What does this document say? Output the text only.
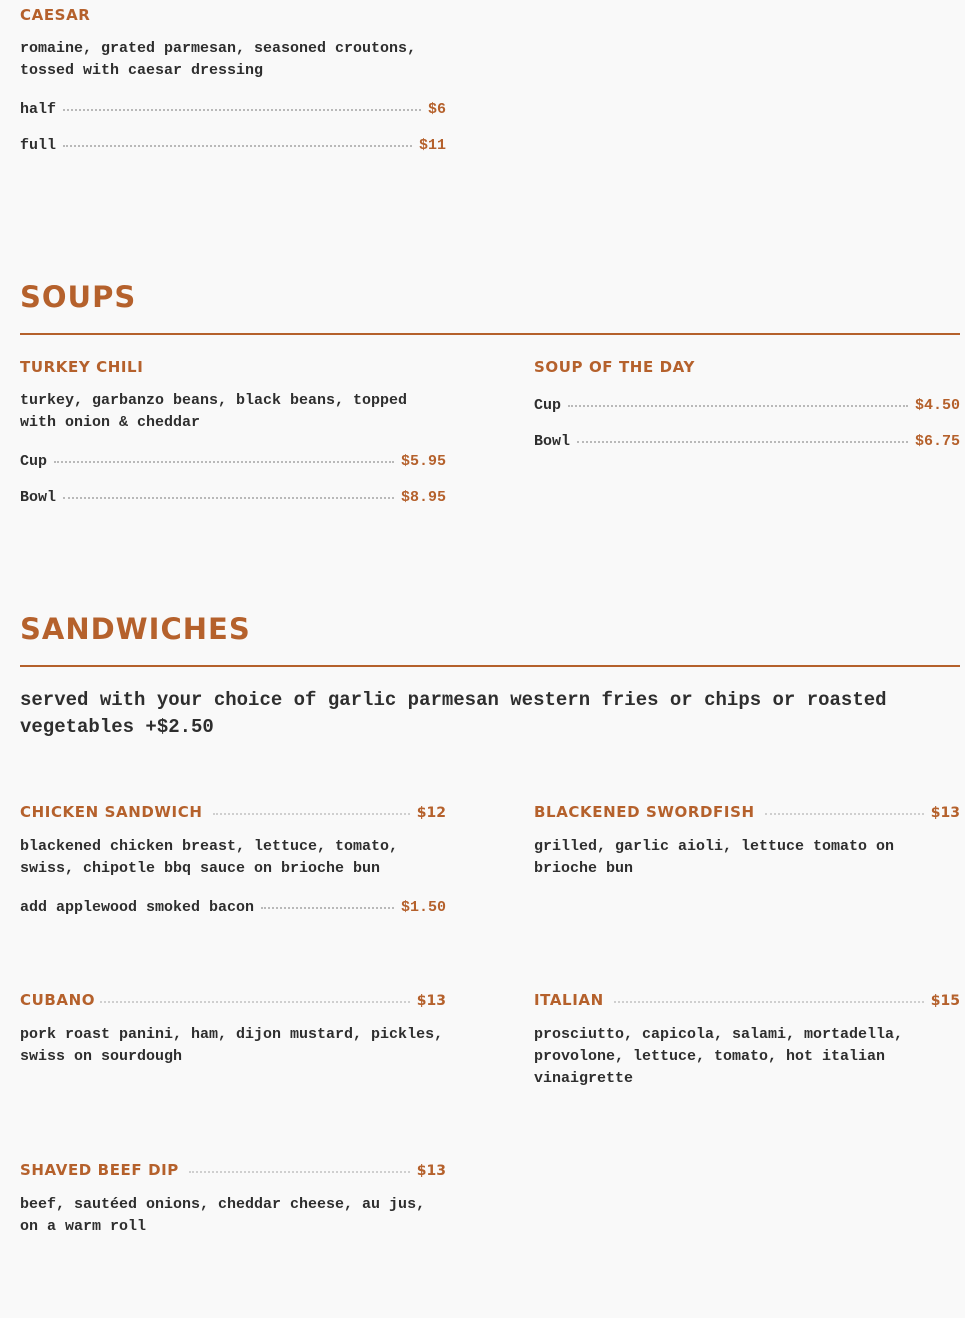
CAESAR
romaine, grated parmesan, seasoned croutons, tossed with caesar dressing
half	$6
full	$11
SOUPS
TURKEY CHILI
turkey, garbanzo beans, black beans, topped with onion & cheddar
Cup	$5.95
Bowl	$8.95
SOUP OF THE DAY
Cup	$4.50
Bowl	$6.75
SANDWICHES
served with your choice of garlic parmesan western fries or chips or roasted vegetables +$2.50
CHICKEN SANDWICH	$12
blackened chicken breast, lettuce, tomato, swiss, chipotle bbq sauce on brioche bun
add applewood smoked bacon	$1.50
BLACKENED SWORDFISH	$13
grilled, garlic aioli, lettuce tomato on brioche bun
CUBANO	$13
pork roast panini, ham, dijon mustard, pickles, swiss on sourdough
ITALIAN	$15
prosciutto, capicola, salami, mortadella, provolone, lettuce, tomato, hot italian vinaigrette
SHAVED BEEF DIP	$13
beef, sautéed onions, cheddar cheese, au jus, on a warm roll
